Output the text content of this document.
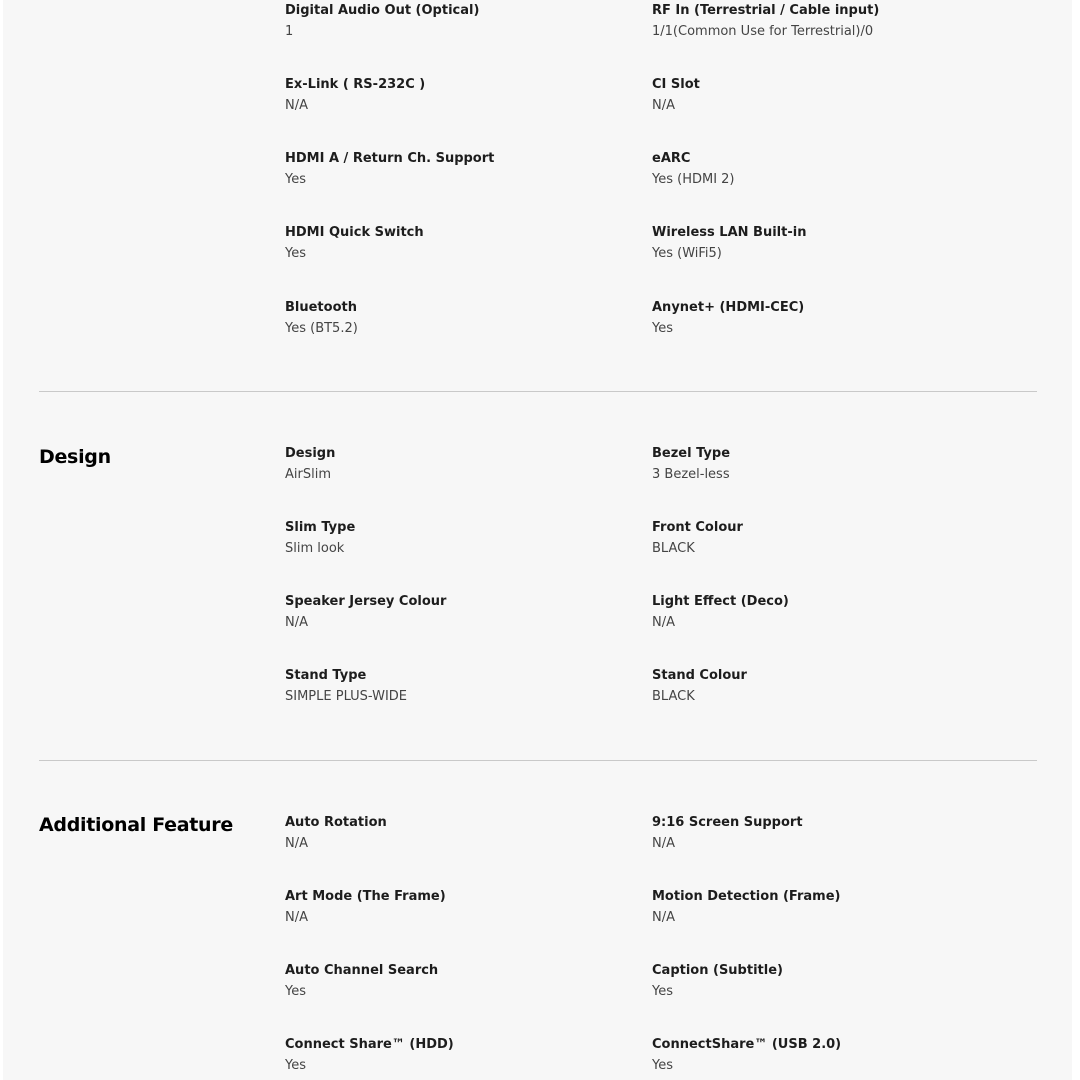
Digital Audio Out (Optical)
1
RF In (Terrestrial / Cable input)
1/1(Common Use for Terrestrial)/0
Ex-Link ( RS-232C )
N/A
CI Slot
N/A
HDMI A / Return Ch. Support
Yes
eARC
Yes (HDMI 2)
HDMI Quick Switch
Yes
Wireless LAN Built-in
Yes (WiFi5)
Bluetooth
Yes (BT5.2)
Anynet+ (HDMI-CEC)
Yes
Design	Design
AirSlim
Bezel Type
3 Bezel-less
Slim Type
Slim look
Front Colour
BLACK
Speaker Jersey Colour
N/A
Light Effect (Deco)
N/A
Stand Type
SIMPLE PLUS-WIDE
Stand Colour
BLACK
Additional Feature	Auto Rotation
N/A
9:16 Screen Support
N/A
Art Mode (The Frame)
N/A
Motion Detection (Frame)
N/A
Auto Channel Search
Yes
Caption (Subtitle)
Yes
Connect Share™ (HDD)
Yes
ConnectShare™ (USB 2.0)
Yes
